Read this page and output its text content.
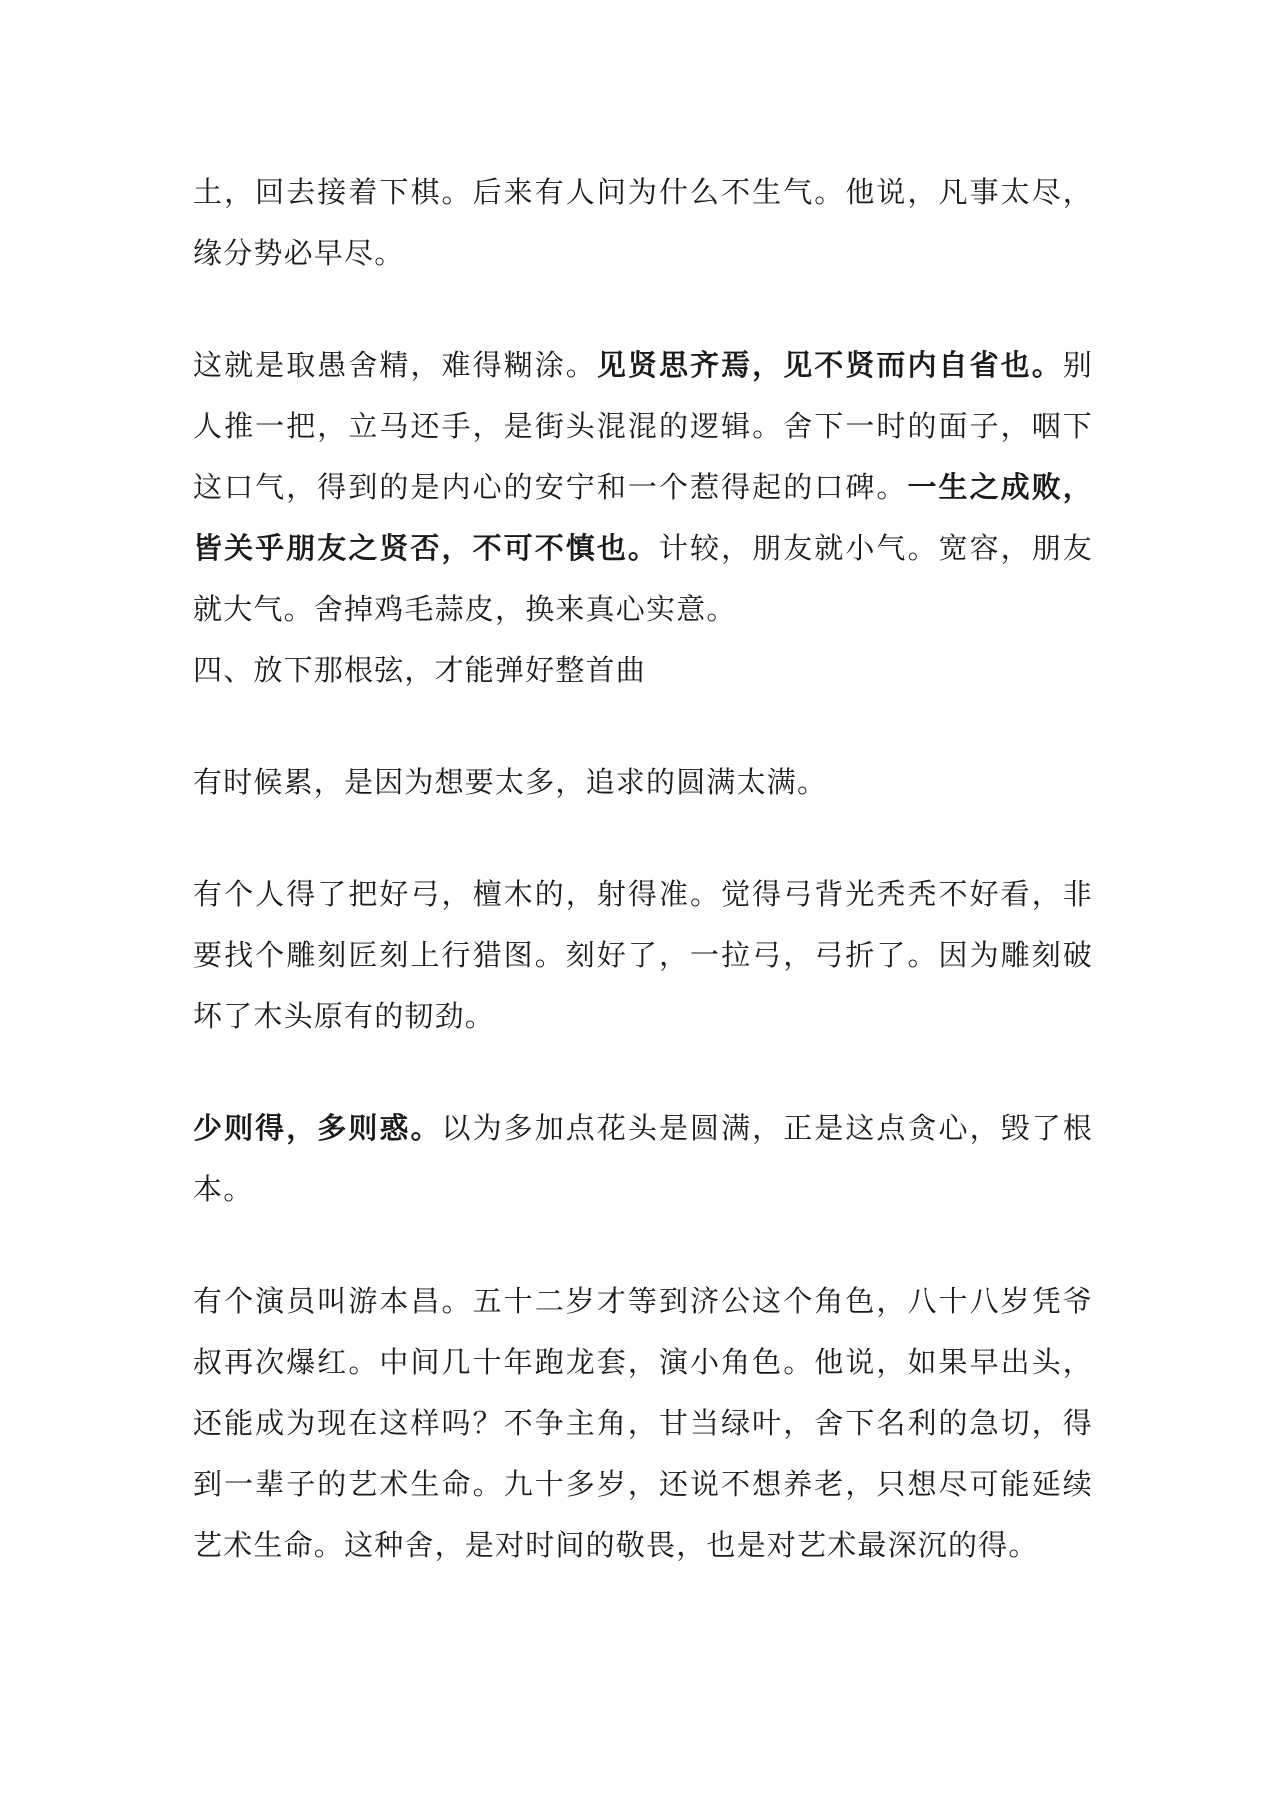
土，回去接着下棋。后来有人问为什么不生气。他说，凡事太尽，缘分势必早尽。

这就是取愚舍精，难得糊涂。见贤思齐焉，见不贤而内自省也。别人推一把，立马还手，是街头混混的逻辑。舍下一时的面子，咽下这口气，得到的是内心的安宁和一个惹得起的口碑。一生之成败，皆关乎朋友之贤否，不可不慎也。计较，朋友就小气。宽容，朋友就大气。舍掉鸡毛蒜皮，换来真心实意。

四、放下那根弦，才能弹好整首曲

有时候累，是因为想要太多，追求的圆满太满。

有个人得了把好弓，檀木的，射得准。觉得弓背光秃秃不好看，非要找个雕刻匠刻上行猎图。刻好了，一拉弓，弓折了。因为雕刻破坏了木头原有的韧劲。

少则得，多则惑。以为多加点花头是圆满，正是这点贪心，毁了根本。

有个演员叫游本昌。五十二岁才等到济公这个角色，八十八岁凭爷叔再次爆红。中间几十年跑龙套，演小角色。他说，如果早出头，还能成为现在这样吗？不争主角，甘当绿叶，舍下名利的急切，得到一辈子的艺术生命。九十多岁，还说不想养老，只想尽可能延续艺术生命。这种舍，是对时间的敬畏，也是对艺术最深沉的得。
